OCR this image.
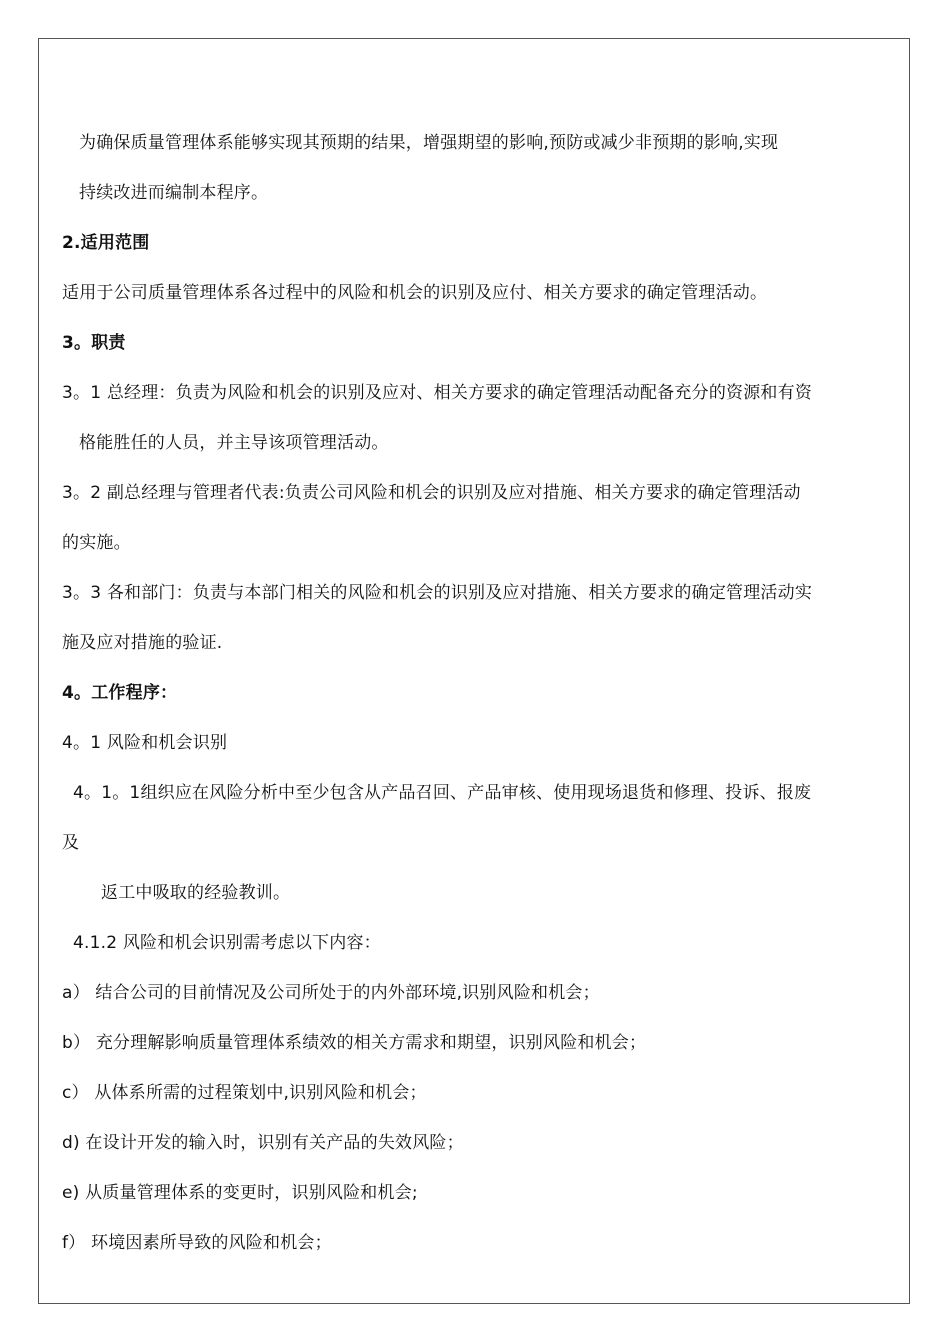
为确保质量管理体系能够实现其预期的结果，增强期望的影响,预防或减少非预期的影响,实现
持续改进而编制本程序。
2.适用范围
适用于公司质量管理体系各过程中的风险和机会的识别及应付、相关方要求的确定管理活动。
3。职责
3。1 总经理：负责为风险和机会的识别及应对、相关方要求的确定管理活动配备充分的资源和有资
格能胜任的人员，并主导该项管理活动。
3。2 副总经理与管理者代表:负责公司风险和机会的识别及应对措施、相关方要求的确定管理活动
的实施。
3。3 各和部门：负责与本部门相关的风险和机会的识别及应对措施、相关方要求的确定管理活动实
施及应对措施的验证.
4。工作程序：
4。1 风险和机会识别
4。1。1组织应在风险分析中至少包含从产品召回、产品审核、使用现场退货和修理、投诉、报废
及
返工中吸取的经验教训。
4.1.2 风险和机会识别需考虑以下内容：
a） 结合公司的目前情况及公司所处于的内外部环境,识别风险和机会；
b） 充分理解影响质量管理体系绩效的相关方需求和期望，识别风险和机会；
c） 从体系所需的过程策划中,识别风险和机会；
d) 在设计开发的输入时，识别有关产品的失效风险；
e) 从质量管理体系的变更时，识别风险和机会;
f） 环境因素所导致的风险和机会；
